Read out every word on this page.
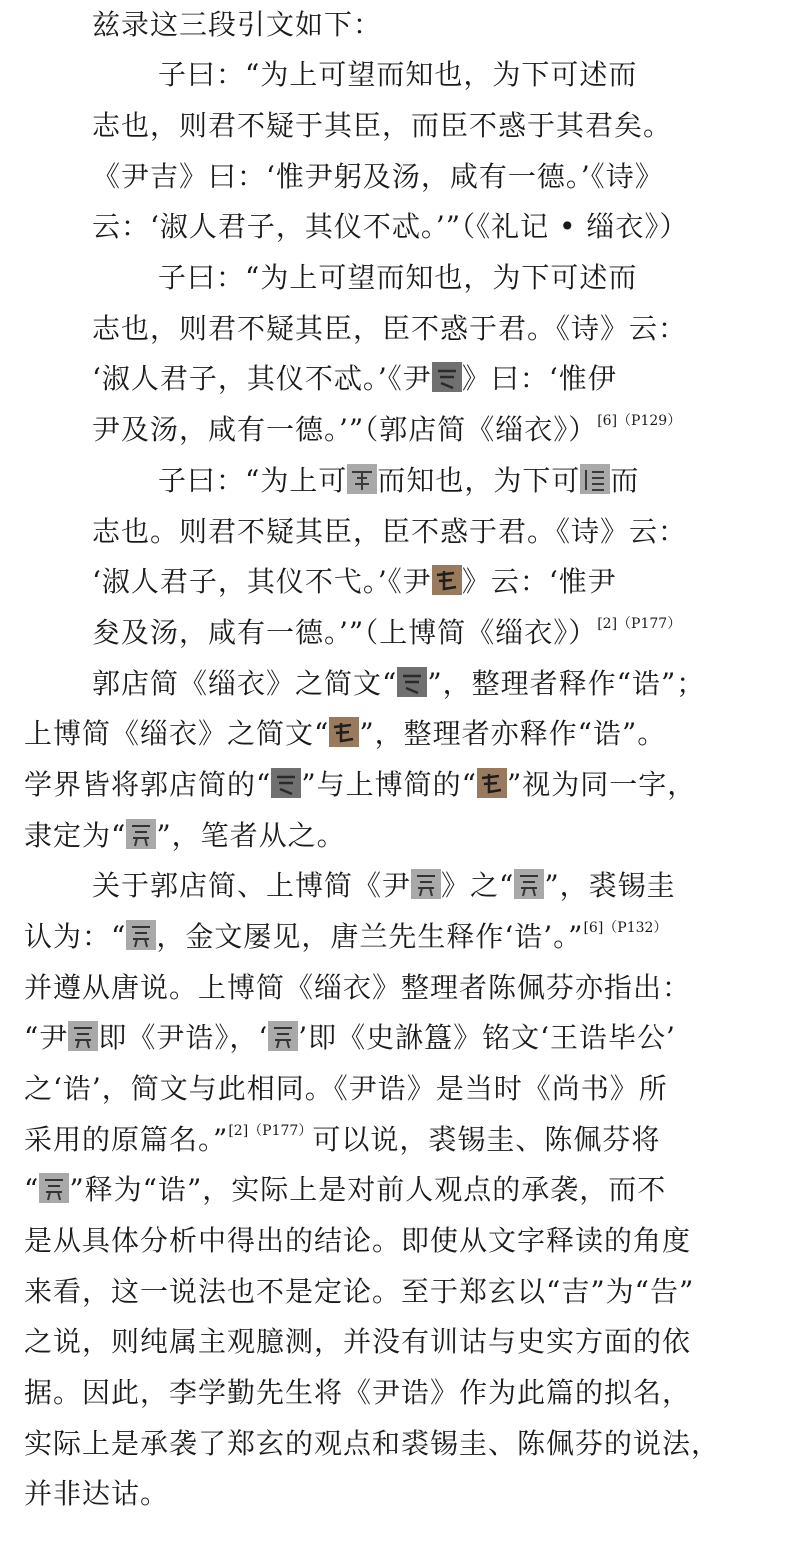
兹录这三段引文如下：
子曰：“为上可望而知也，为下可述而
志也，则君不疑于其臣，而臣不惑于其君矣。
《尹吉》曰：‘惟尹躬及汤，咸有一德。’《诗》
云：‘淑人君子，其仪不忒。’”（《礼记 • 缁衣》）
子曰：“为上可望而知也，为下可述而
志也，则君不疑其臣，臣不惑于君。《诗》云：
‘淑人君子，其仪不忒。’《尹 》曰：‘惟伊
尹及汤，咸有一德。’”（郭店简《缁衣》）$^{[6](P129)}$
子曰：“为上可 而知也，为下可 而
志也。则君不疑其臣，臣不惑于君。《诗》云：
‘淑人君子，其仪不弋。’《尹 》云：‘惟尹
夋及汤，咸有一德。’”（上博简《缁衣》）$^{[2](P177)}$
郭店简《缁衣》之简文“ ”，整理者释作“诰”；
上博简《缁衣》之简文“ ”，整理者亦释作“诰”。
学界皆将郭店简的“ ”与上博简的“ ”视为同一字，
隶定为“ ”，笔者从之。
关于郭店简、上博简《尹 》之“ ”，裘锡圭
认为：“ ，金文屡见，唐兰先生释作‘诰’。”$^{[6](P132)}$
并遵从唐说。上博简《缁衣》整理者陈佩芬亦指出：
“尹 即《尹诰》，‘ ’即《史䛙簋》铭文‘王诰毕公’
之‘诰’，简文与此相同。《尹诰》是当时《尚书》所
采用的原篇名。”$^{[2](P177)}$可以说，裘锡圭、陈佩芬将
“ ”释为“诰”，实际上是对前人观点的承袭，而不
是从具体分析中得出的结论。即使从文字释读的角度
来看，这一说法也不是定论。至于郑玄以“吉”为“告”
之说，则纯属主观臆测，并没有训诂与史实方面的依
据。因此，李学勤先生将《尹诰》作为此篇的拟名，
实际上是承袭了郑玄的观点和裘锡圭、陈佩芬的说法，
并非达诂。
